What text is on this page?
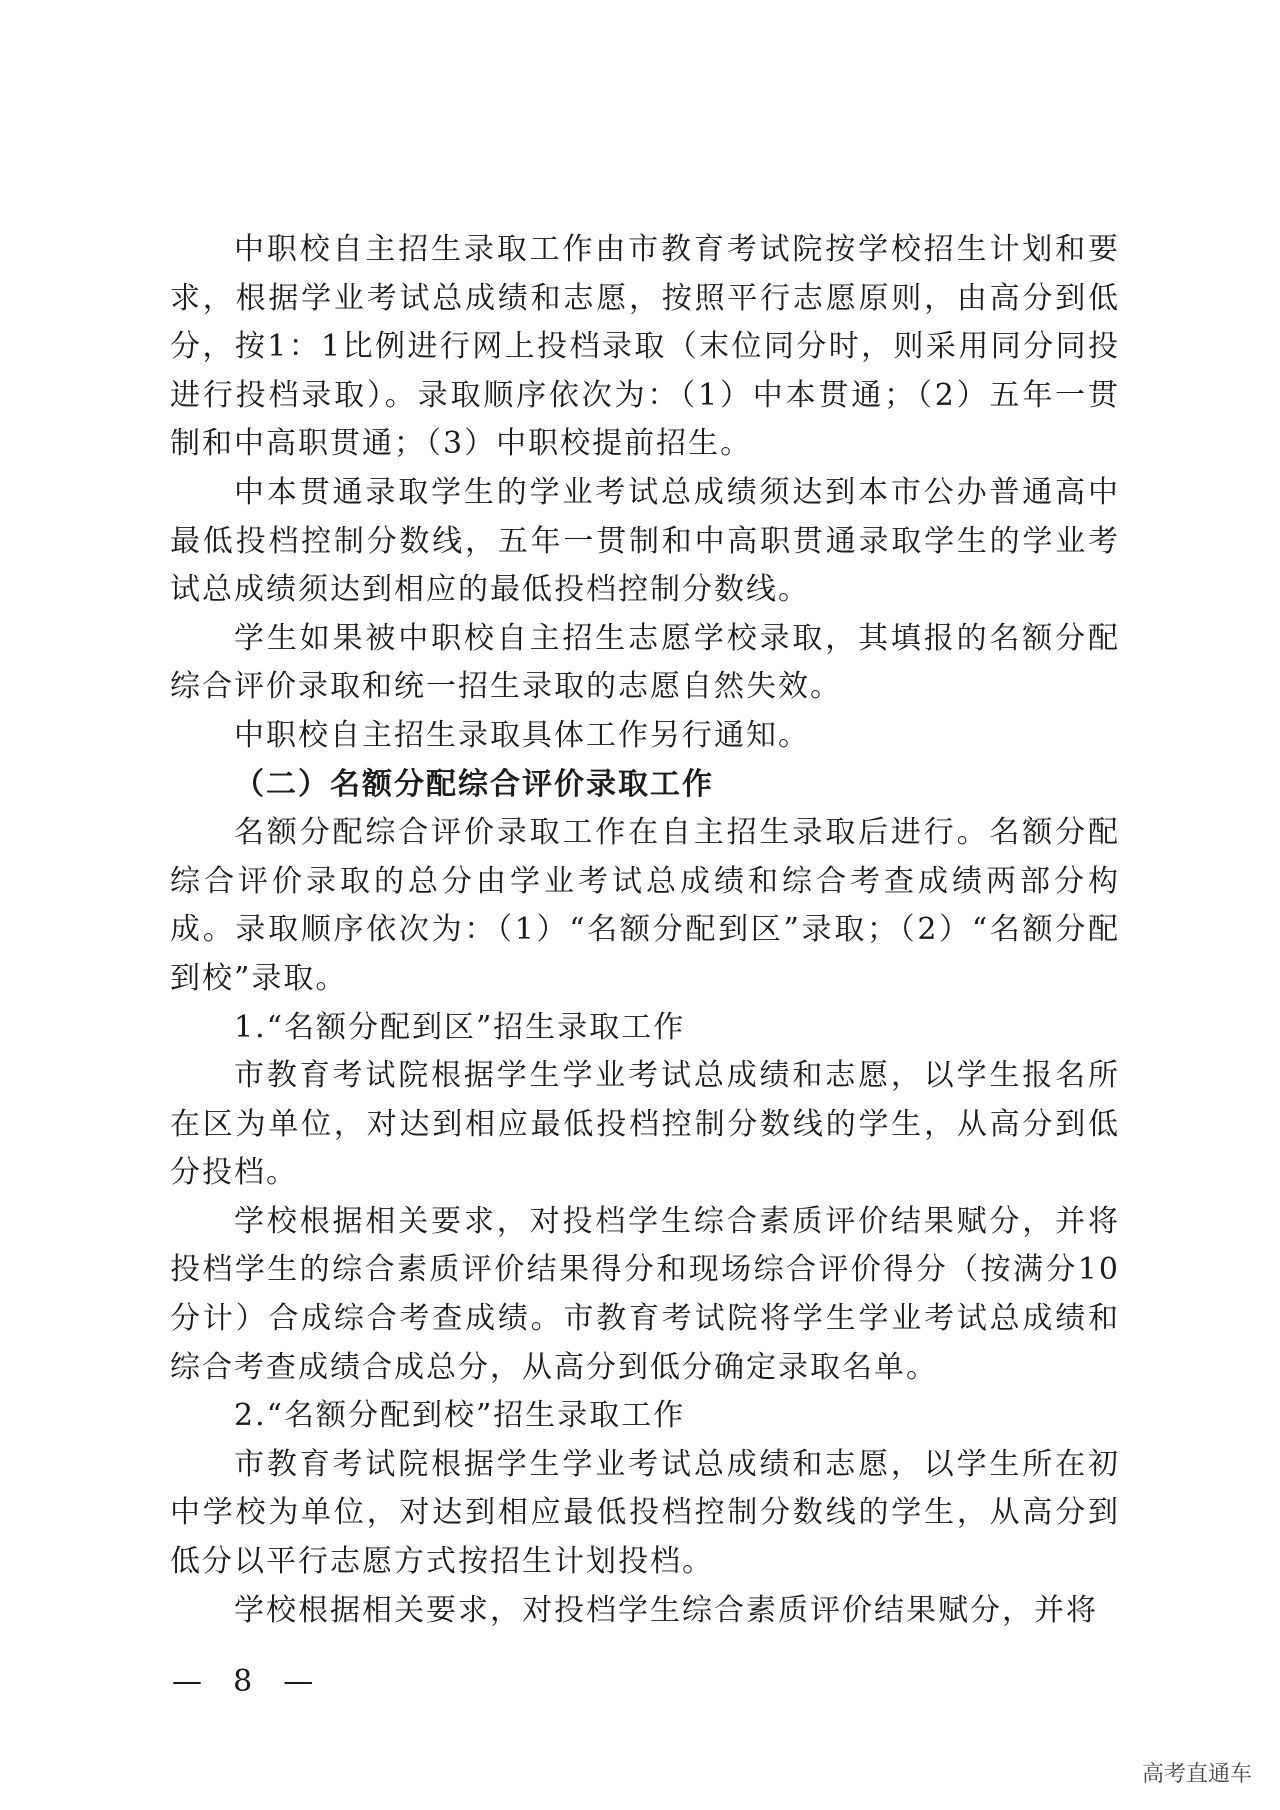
中职校自主招生录取工作由市教育考试院按学校招生计划和要求，根据学业考试总成绩和志愿，按照平行志愿原则，由高分到低分，按1：1比例进行网上投档录取（末位同分时，则采用同分同投进行投档录取）。录取顺序依次为：（1）中本贯通；（2）五年一贯制和中高职贯通；（3）中职校提前招生。

中本贯通录取学生的学业考试总成绩须达到本市公办普通高中最低投档控制分数线，五年一贯制和中高职贯通录取学生的学业考试总成绩须达到相应的最低投档控制分数线。

学生如果被中职校自主招生志愿学校录取，其填报的名额分配综合评价录取和统一招生录取的志愿自然失效。

中职校自主招生录取具体工作另行通知。

（二）名额分配综合评价录取工作

名额分配综合评价录取工作在自主招生录取后进行。名额分配综合评价录取的总分由学业考试总成绩和综合考查成绩两部分构成。录取顺序依次为：（1）“名额分配到区”录取；（2）“名额分配到校”录取。

1.“名额分配到区”招生录取工作

市教育考试院根据学生学业考试总成绩和志愿，以学生报名所在区为单位，对达到相应最低投档控制分数线的学生，从高分到低分投档。

学校根据相关要求，对投档学生综合素质评价结果赋分，并将投档学生的综合素质评价结果得分和现场综合评价得分（按满分10分计）合成综合考查成绩。市教育考试院将学生学业考试总成绩和综合考查成绩合成总分，从高分到低分确定录取名单。

2.“名额分配到校”招生录取工作

市教育考试院根据学生学业考试总成绩和志愿，以学生所在初中学校为单位，对达到相应最低投档控制分数线的学生，从高分到低分以平行志愿方式按招生计划投档。

学校根据相关要求，对投档学生综合素质评价结果赋分，并将

—  8  —
高考直通车
